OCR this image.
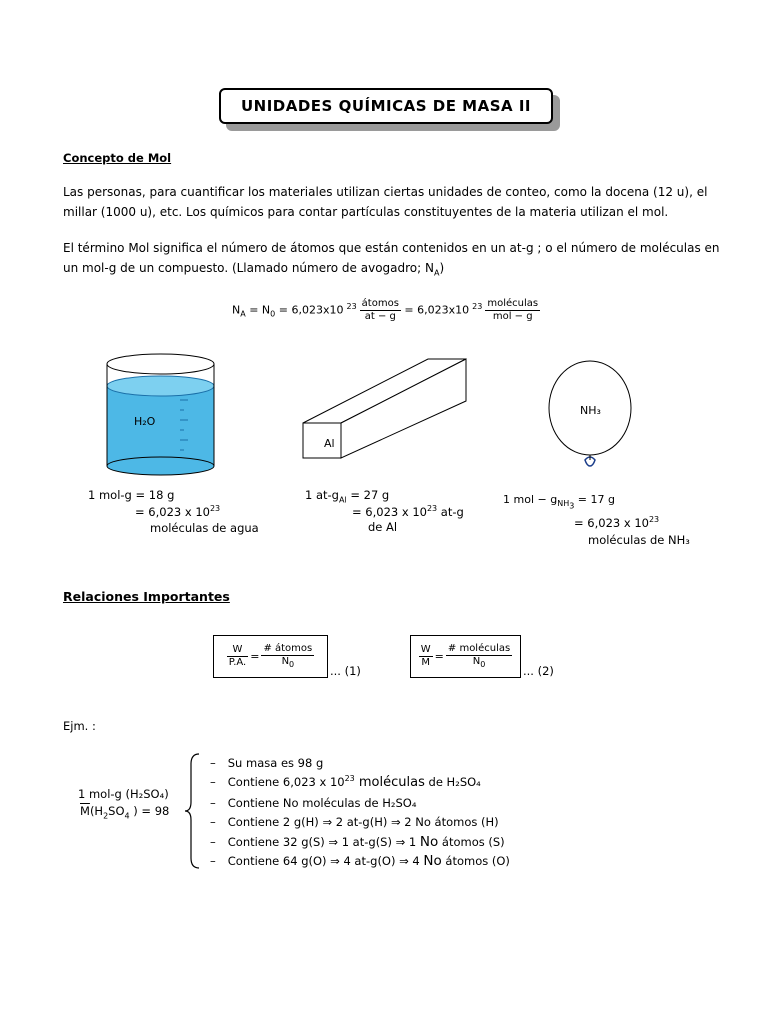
UNIDADES QUÍMICAS DE MASA II
Concepto de Mol
Las personas, para cuantificar los materiales utilizan ciertas unidades de conteo, como la docena (12 u), el millar (1000 u), etc. Los químicos para contar partículas constituyentes de la materia utilizan el mol.
El término Mol significa el número de átomos que están contenidos en un at-g ; o el número de moléculas en un mol-g de un compuesto. (Llamado número de avogadro; $N_A$)
$N_A = N_0 = 6,023x10$ $^{23} \frac{\text{átomos}}{at - g} = 6,023x10$ $^{23} \frac{\text{moléculas}}{\text{mol − g}}$
H₂O
Al
NH₃
1 mol-g = 18 g
= 6,023 x $10^{23}$
moléculas de agua
1 $at-g_{Al} = 27$ g
= 6,023 x $10^{23}$ at-g
de Al
1 mol − $g_{NH_3} = 17$ g
= 6,023 x $10^{23}$
moléculas de NH₃
Relaciones Importantes
$\frac{W}{P.A.} = \frac{\text{\# átomos}}{N_0}$
... (1)
$\frac{W}{M} = \frac{\text{\# moléculas}}{N_0}$
... (2)
Ejm. :
1 mol-g (H₂SO₄)
$\overline{M}(H_2SO_4$ ) = 98
– Su masa es 98 g
– Contiene 6,023 x $10^{23}$ moléculas de H₂SO₄
– Contiene No moléculas de H₂SO₄
– Contiene 2 g(H) ⇒ 2 at-g(H) ⇒ 2 No átomos (H)
– Contiene 32 g(S) ⇒ 1 at-g(S) ⇒ 1 No átomos (S)
– Contiene 64 g(O) ⇒ 4 at-g(O) ⇒ 4 No átomos (O)
